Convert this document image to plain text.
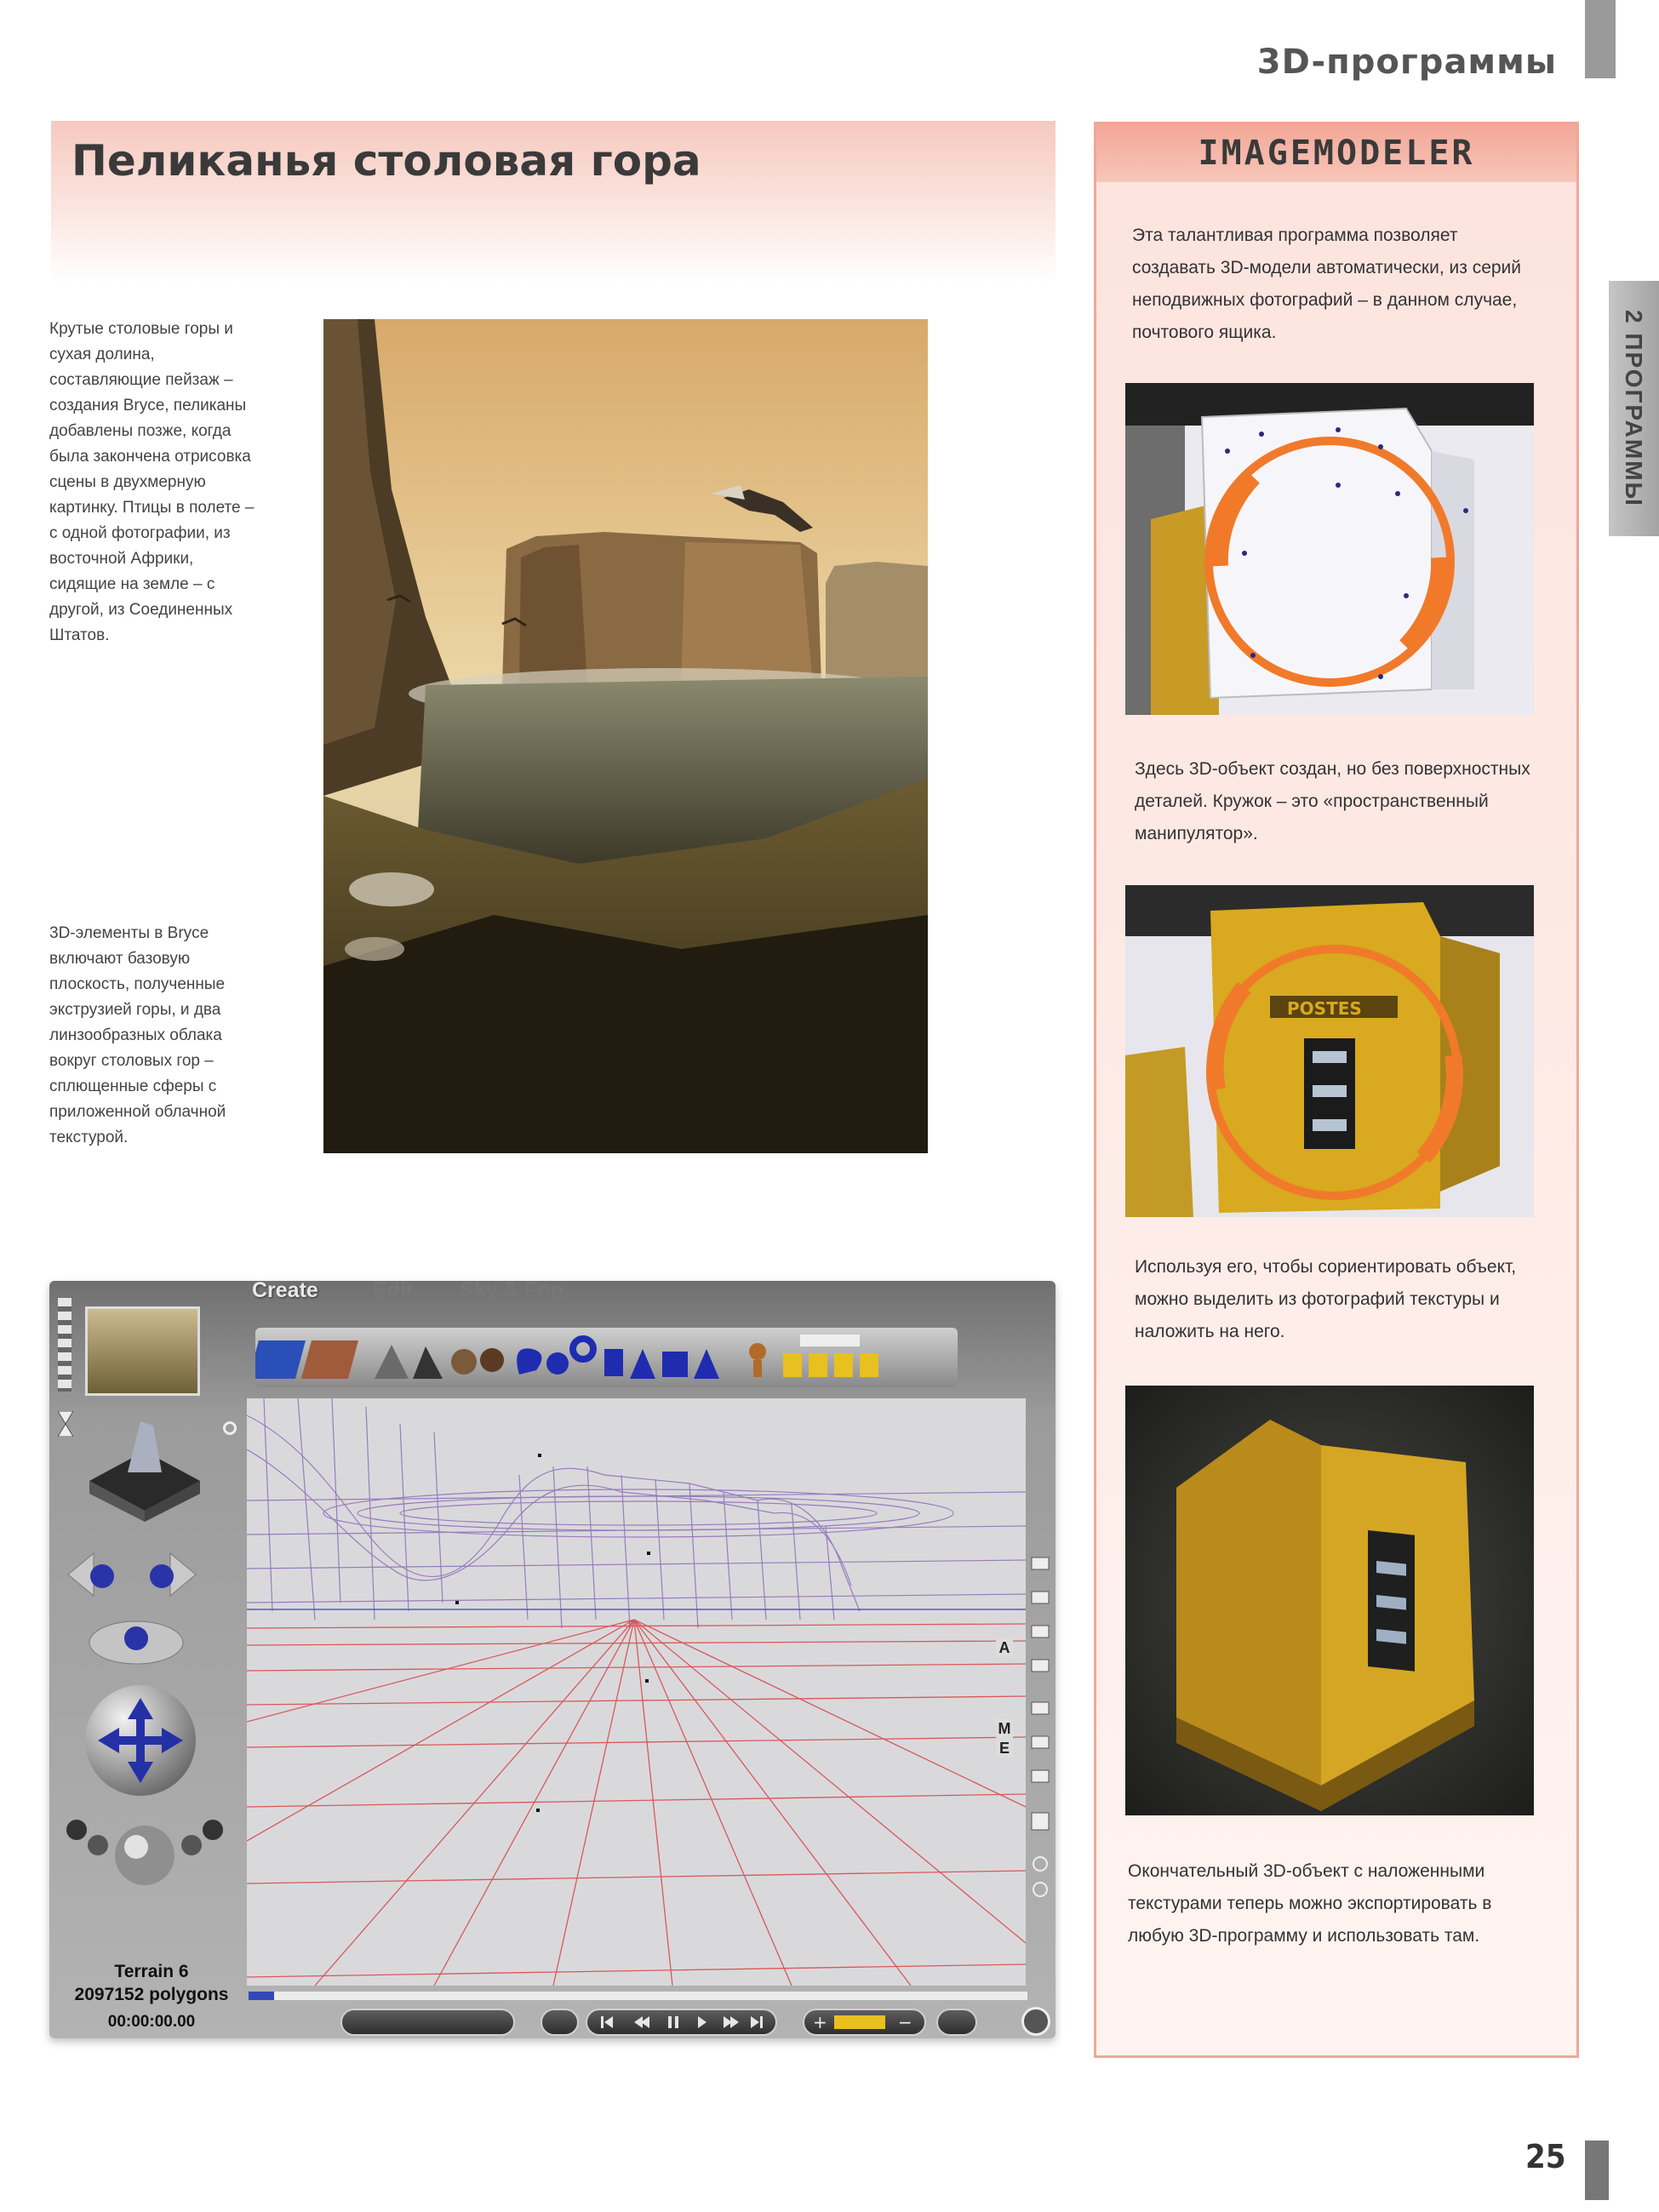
3D-программы
2 ПРОГРАММЫ
Пеликанья столовая гора
Крутые столовые горы и сухая долина, составляющие пейзаж – создания Bryce, пеликаны добавлены позже, когда была закончена отрисовка сцены в двухмерную картинку. Птицы в полете – с одной фотографии, из восточной Африки, сидящие на земле – с другой, из Соединенных Штатов.
3D-элементы в Bryce включают базовую плоскость, полученные экструзией горы, и два линзообразных облака вокруг столовых гор – сплющенные сферы с приложенной облачной текстурой.
IMAGEMODELER
Эта талантливая программа позволяет создавать 3D-модели автоматически, из серий неподвижных фотографий – в данном случае, почтового ящика.
Здесь 3D-объект создан, но без поверхностных деталей. Кружок – это «пространственный манипулятор».
POSTES
Используя его, чтобы сориентировать объект, можно выделить из фотографий текстуры и наложить на него.
Окончательный 3D-объект с наложенными текстурами теперь можно экспортировать в любую 3D-программу и использовать там.
Create	Edit Sky & Fog
Terrain 6
2097152 polygons
00:00:00.00
A
M
E
+	−
25
